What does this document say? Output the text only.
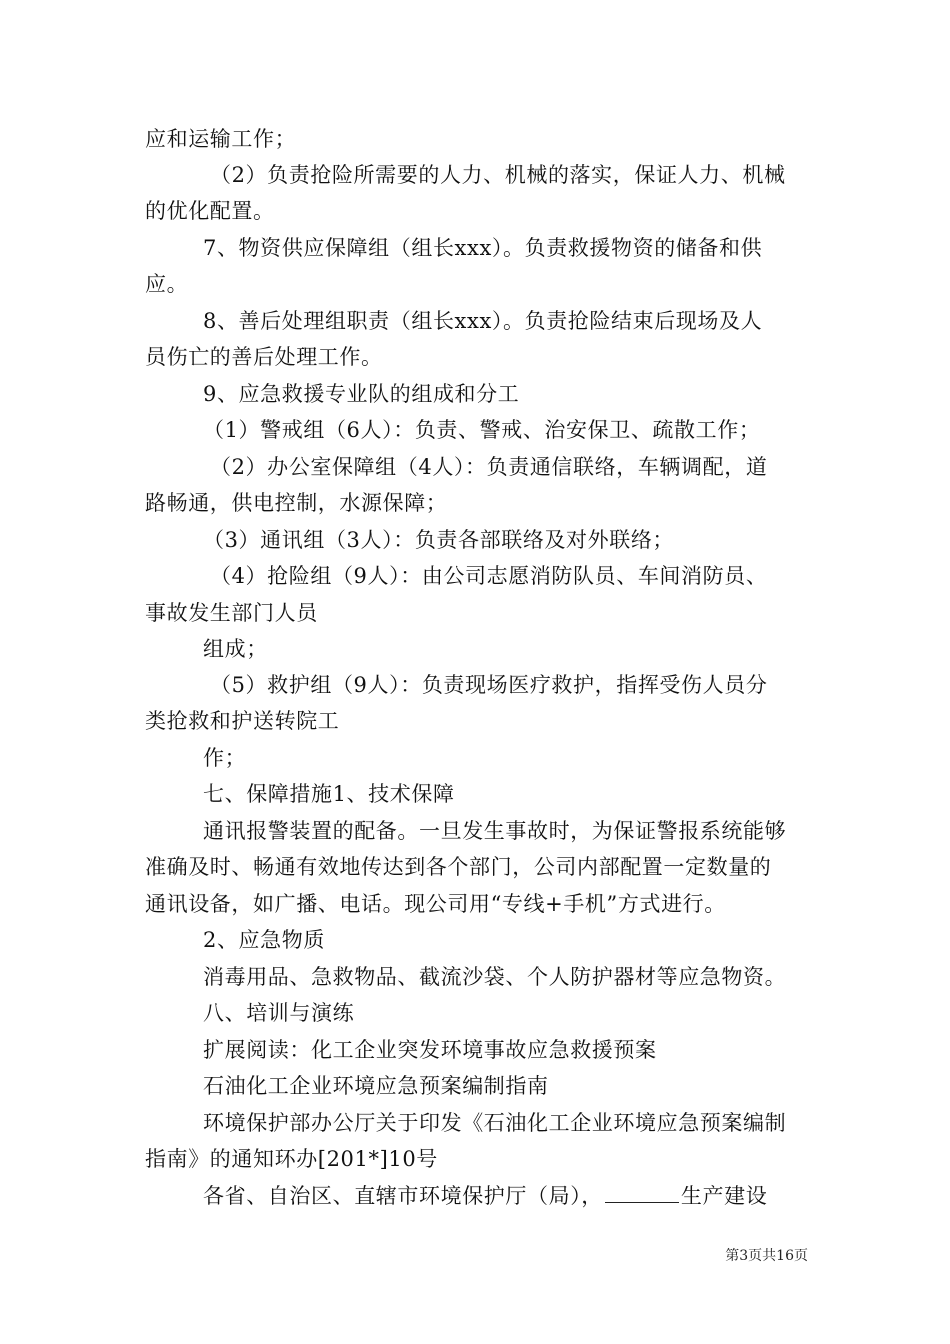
应和运输工作；
（2）负责抢险所需要的人力、机械的落实，保证人力、机械
的优化配置。
7、物资供应保障组（组长xxx）。负责救援物资的储备和供
应。
8、善后处理组职责（组长xxx）。负责抢险结束后现场及人
员伤亡的善后处理工作。
9、应急救援专业队的组成和分工
（1）警戒组（6人）：负责、警戒、治安保卫、疏散工作；
（2）办公室保障组（4人）：负责通信联络，车辆调配，道
路畅通，供电控制，水源保障；
（3）通讯组（3人）：负责各部联络及对外联络；
（4）抢险组（9人）：由公司志愿消防队员、车间消防员、
事故发生部门人员
组成；
（5）救护组（9人）：负责现场医疗救护，指挥受伤人员分
类抢救和护送转院工
作；
七、保障措施1、技术保障
通讯报警装置的配备。一旦发生事故时，为保证警报系统能够
准确及时、畅通有效地传达到各个部门，公司内部配置一定数量的
通讯设备，如广播、电话。现公司用“专线+手机”方式进行。
2、应急物质
消毒用品、急救物品、截流沙袋、个人防护器材等应急物资。
八、培训与演练
扩展阅读：化工企业突发环境事故应急救援预案
石油化工企业环境应急预案编制指南
环境保护部办公厅关于印发《石油化工企业环境应急预案编制
指南》的通知环办[201*]10号
各省、自治区、直辖市环境保护厅（局），	生产建设
第3页共16页
